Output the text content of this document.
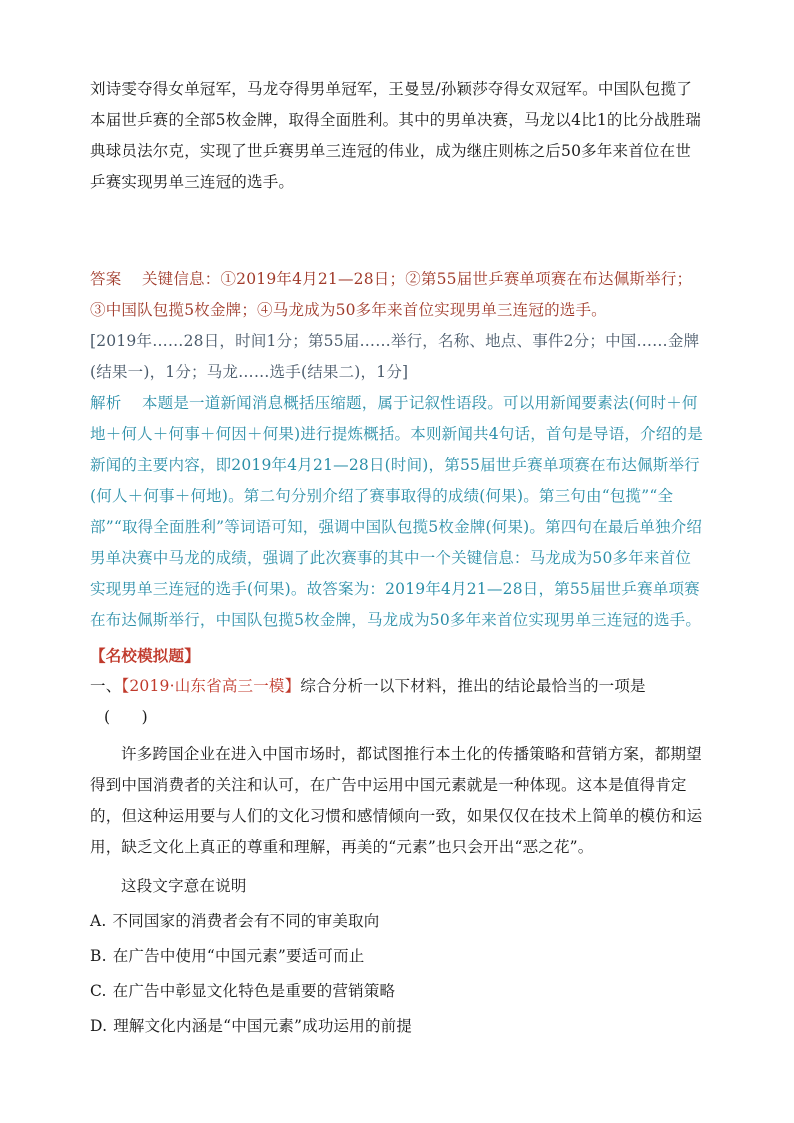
刘诗雯夺得女单冠军，马龙夺得男单冠军，王曼昱/孙颖莎夺得女双冠军。中国队包揽了本届世乒赛的全部5枚金牌，取得全面胜利。其中的男单决赛，马龙以4比1的比分战胜瑞典球员法尔克，实现了世乒赛男单三连冠的伟业，成为继庄则栋之后50多年来首位在世乒赛实现男单三连冠的选手。

答案 关键信息：①2019年4月21—28日；②第55届世乒赛单项赛在布达佩斯举行；③中国队包揽5枚金牌；④马龙成为50多年来首位实现男单三连冠的选手。

[2019年……28日，时间1分；第55届……举行，名称、地点、事件2分；中国……金牌(结果一)，1分；马龙……选手(结果二)，1分]

解析 本题是一道新闻消息概括压缩题，属于记叙性语段。可以用新闻要素法(何时＋何地＋何人＋何事＋何因＋何果)进行提炼概括。本则新闻共4句话，首句是导语，介绍的是新闻的主要内容，即2019年4月21—28日(时间)，第55届世乒赛单项赛在布达佩斯举行(何人＋何事＋何地)。第二句分别介绍了赛事取得的成绩(何果)。第三句由“包揽”“全部”“取得全面胜利”等词语可知，强调中国队包揽5枚金牌(何果)。第四句在最后单独介绍男单决赛中马龙的成绩，强调了此次赛事的其中一个关键信息：马龙成为50多年来首位实现男单三连冠的选手(何果)。故答案为：2019年4月21—28日，第55届世乒赛单项赛在布达佩斯举行，中国队包揽5枚金牌，马龙成为50多年来首位实现男单三连冠的选手。

【名校模拟题】

一、【2019·山东省高三一模】综合分析一以下材料，推出的结论最恰当的一项是

(　　)

许多跨国企业在进入中国市场时，都试图推行本土化的传播策略和营销方案，都期望得到中国消费者的关注和认可，在广告中运用中国元素就是一种体现。这本是值得肯定的，但这种运用要与人们的文化习惯和感情倾向一致，如果仅仅在技术上简单的模仿和运用，缺乏文化上真正的尊重和理解，再美的“元素”也只会开出“恶之花”。

这段文字意在说明

A. 不同国家的消费者会有不同的审美取向
B. 在广告中使用“中国元素”要适可而止
C. 在广告中彰显文化特色是重要的营销策略
D. 理解文化内涵是“中国元素”成功运用的前提
